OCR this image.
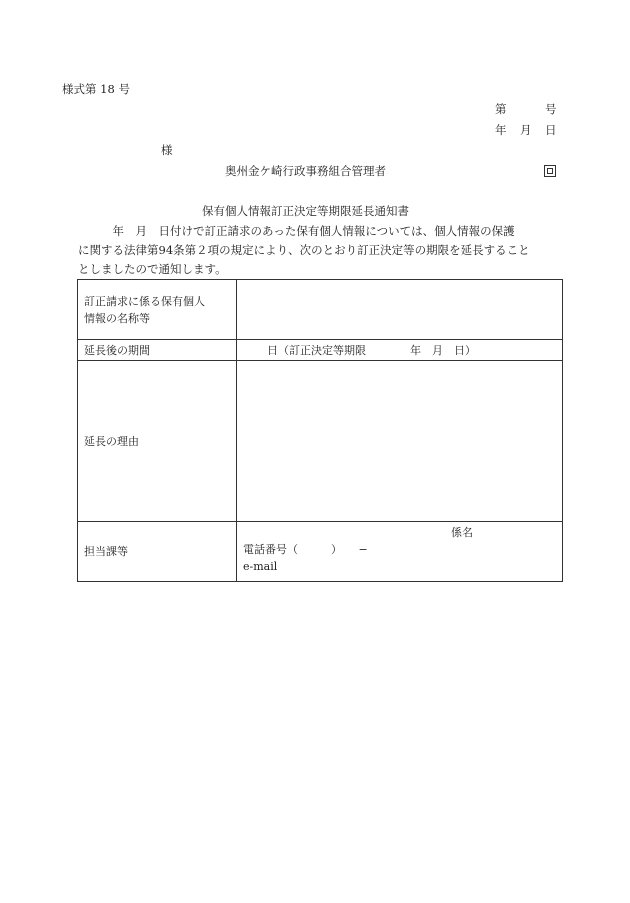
様式第 18 号
第	号
年 月 日
様
奥州金ケ崎行政事務組合管理者
保有個人情報訂正決定等期限延長通知書
　　　年　月　日付けで訂正請求のあった保有個人情報については、個人情報の保護
に関する法律第94条第２項の規定により、次のとおり訂正決定等の期限を延長すること
としましたので通知します。
訂正請求に係る保有個人
情報の名称等	

延長後の期間	日（訂正決定等期限　　　　年　月　日）
延長の理由	
担当課等	係名
電話番号（　　　）　　−
e-mail
